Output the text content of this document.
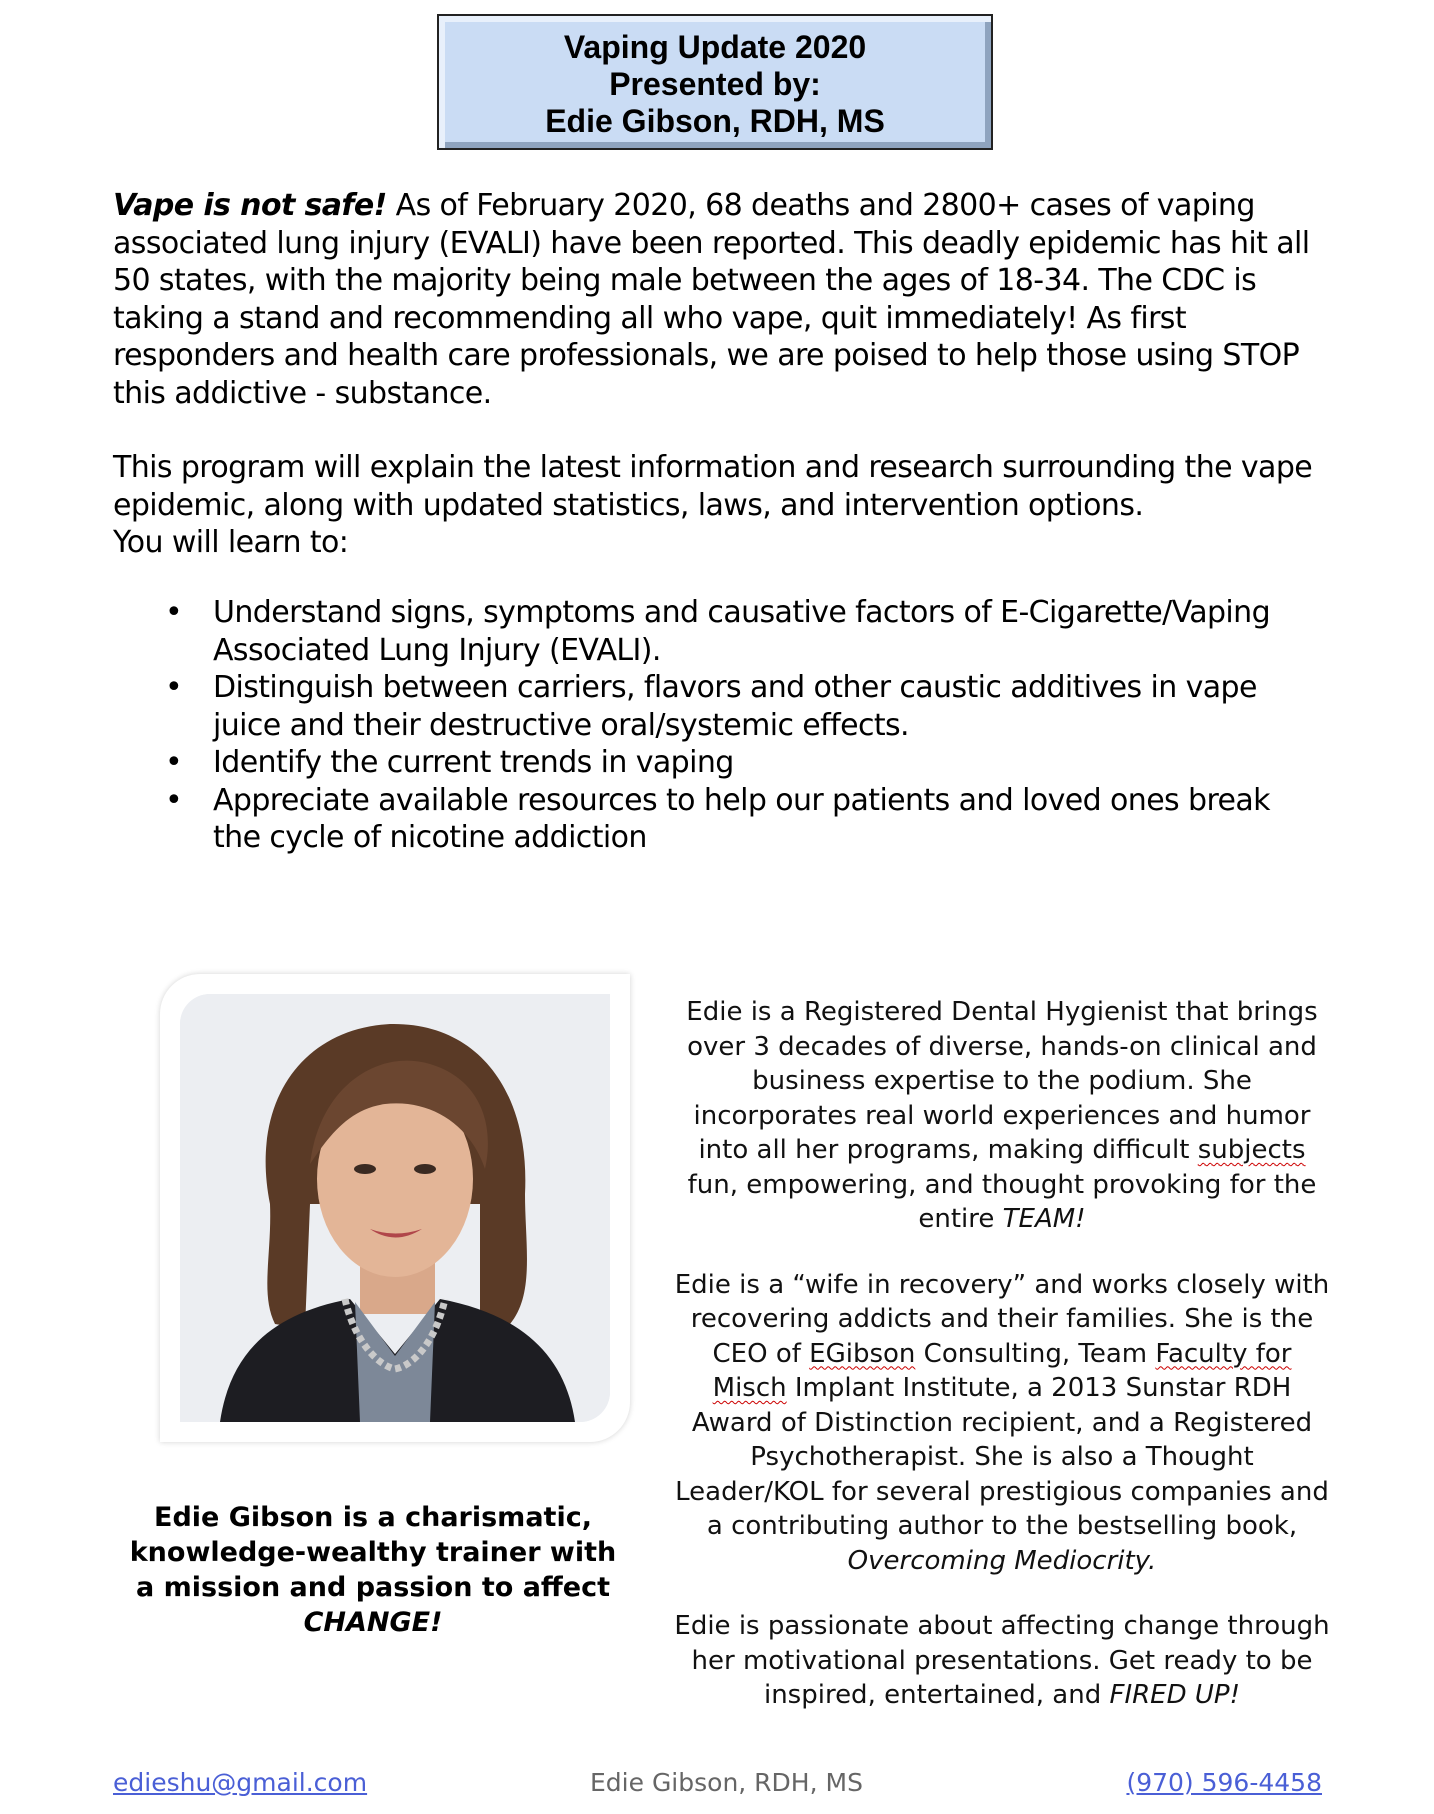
Vaping Update 2020
Presented by:
Edie Gibson, RDH, MS

Vape is not safe! As of February 2020, 68 deaths and 2800+ cases of vaping associated lung injury (EVALI) have been reported. This deadly epidemic has hit all 50 states, with the majority being male between the ages of 18-34. The CDC is taking a stand and recommending all who vape, quit immediately! As first responders and health care professionals, we are poised to help those using STOP this addictive - substance.

This program will explain the latest information and research surrounding the vape epidemic, along with updated statistics, laws, and intervention options.

You will learn to:

• Understand signs, symptoms and causative factors of E-Cigarette/Vaping Associated Lung Injury (EVALI).
• Distinguish between carriers, flavors and other caustic additives in vape juice and their destructive oral/systemic effects.
• Identify the current trends in vaping
• Appreciate available resources to help our patients and loved ones break the cycle of nicotine addiction
Edie Gibson is a charismatic, knowledge-wealthy trainer with a mission and passion to affect CHANGE!

Edie is a Registered Dental Hygienist that brings over 3 decades of diverse, hands-on clinical and business expertise to the podium. She incorporates real world experiences and humor into all her programs, making difficult subjects fun, empowering, and thought provoking for the entire TEAM!

Edie is a “wife in recovery” and works closely with recovering addicts and their families. She is the CEO of EGibson Consulting, Team Faculty for Misch Implant Institute, a 2013 Sunstar RDH Award of Distinction recipient, and a Registered Psychotherapist. She is also a Thought Leader/KOL for several prestigious companies and a contributing author to the bestselling book, Overcoming Mediocrity.

Edie is passionate about affecting change through her motivational presentations. Get ready to be inspired, entertained, and FIRED UP!

edieshu@gmail.com	Edie Gibson, RDH, MS	(970) 596-4458
